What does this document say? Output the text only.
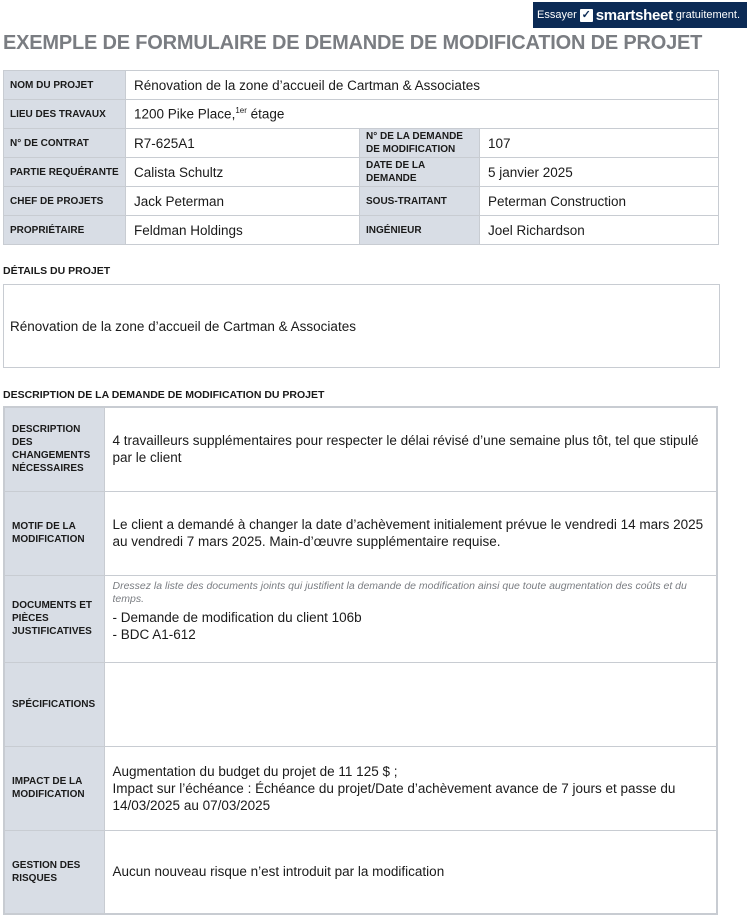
Essayer ✓ smartsheet gratuitement.
EXEMPLE DE FORMULAIRE DE DEMANDE DE MODIFICATION DE PROJET
NOM DU PROJET	Rénovation de la zone d’accueil de Cartman & Associates		
LIEU DES TRAVAUX	1200 Pike Place,$^{1er}$ étage		
N° DE CONTRAT	R7-625A1	N° DE LA DEMANDE DE MODIFICATION	107
PARTIE REQUÉRANTE	Calista Schultz	DATE DE LA DEMANDE	5 janvier 2025
CHEF DE PROJETS	Jack Peterman	SOUS-TRAITANT	Peterman Construction
PROPRIÉTAIRE	Feldman Holdings	INGÉNIEUR	Joel Richardson
DÉTAILS DU PROJET
Rénovation de la zone d’accueil de Cartman & Associates
DESCRIPTION DE LA DEMANDE DE MODIFICATION DU PROJET
DESCRIPTION DES CHANGEMENTS NÉCESSAIRES	4 travailleurs supplémentaires pour respecter le délai révisé d’une semaine plus tôt, tel que stipulé par le client

MOTIF DE LA MODIFICATION	Le client a demandé à changer la date d’achèvement initialement prévue le vendredi 14 mars 2025 au vendredi 7 mars 2025. Main-d’œuvre supplémentaire requise.

DOCUMENTS ET PIÈCES JUSTIFICATIVES	Dressez la liste des documents joints qui justifient la demande de modification ainsi que toute augmentation des coûts et du temps.
- Demande de modification du client 106b
- BDC A1-612

SPÉCIFICATIONS	
IMPACT DE LA MODIFICATION	Augmentation du budget du projet de 11 125 $ ;
Impact sur l’échéance : Échéance du projet/Date d’achèvement avance de 7 jours et passe du 14/03/2025 au 07/03/2025

GESTION DES RISQUES	Aucun nouveau risque n’est introduit par la modification
